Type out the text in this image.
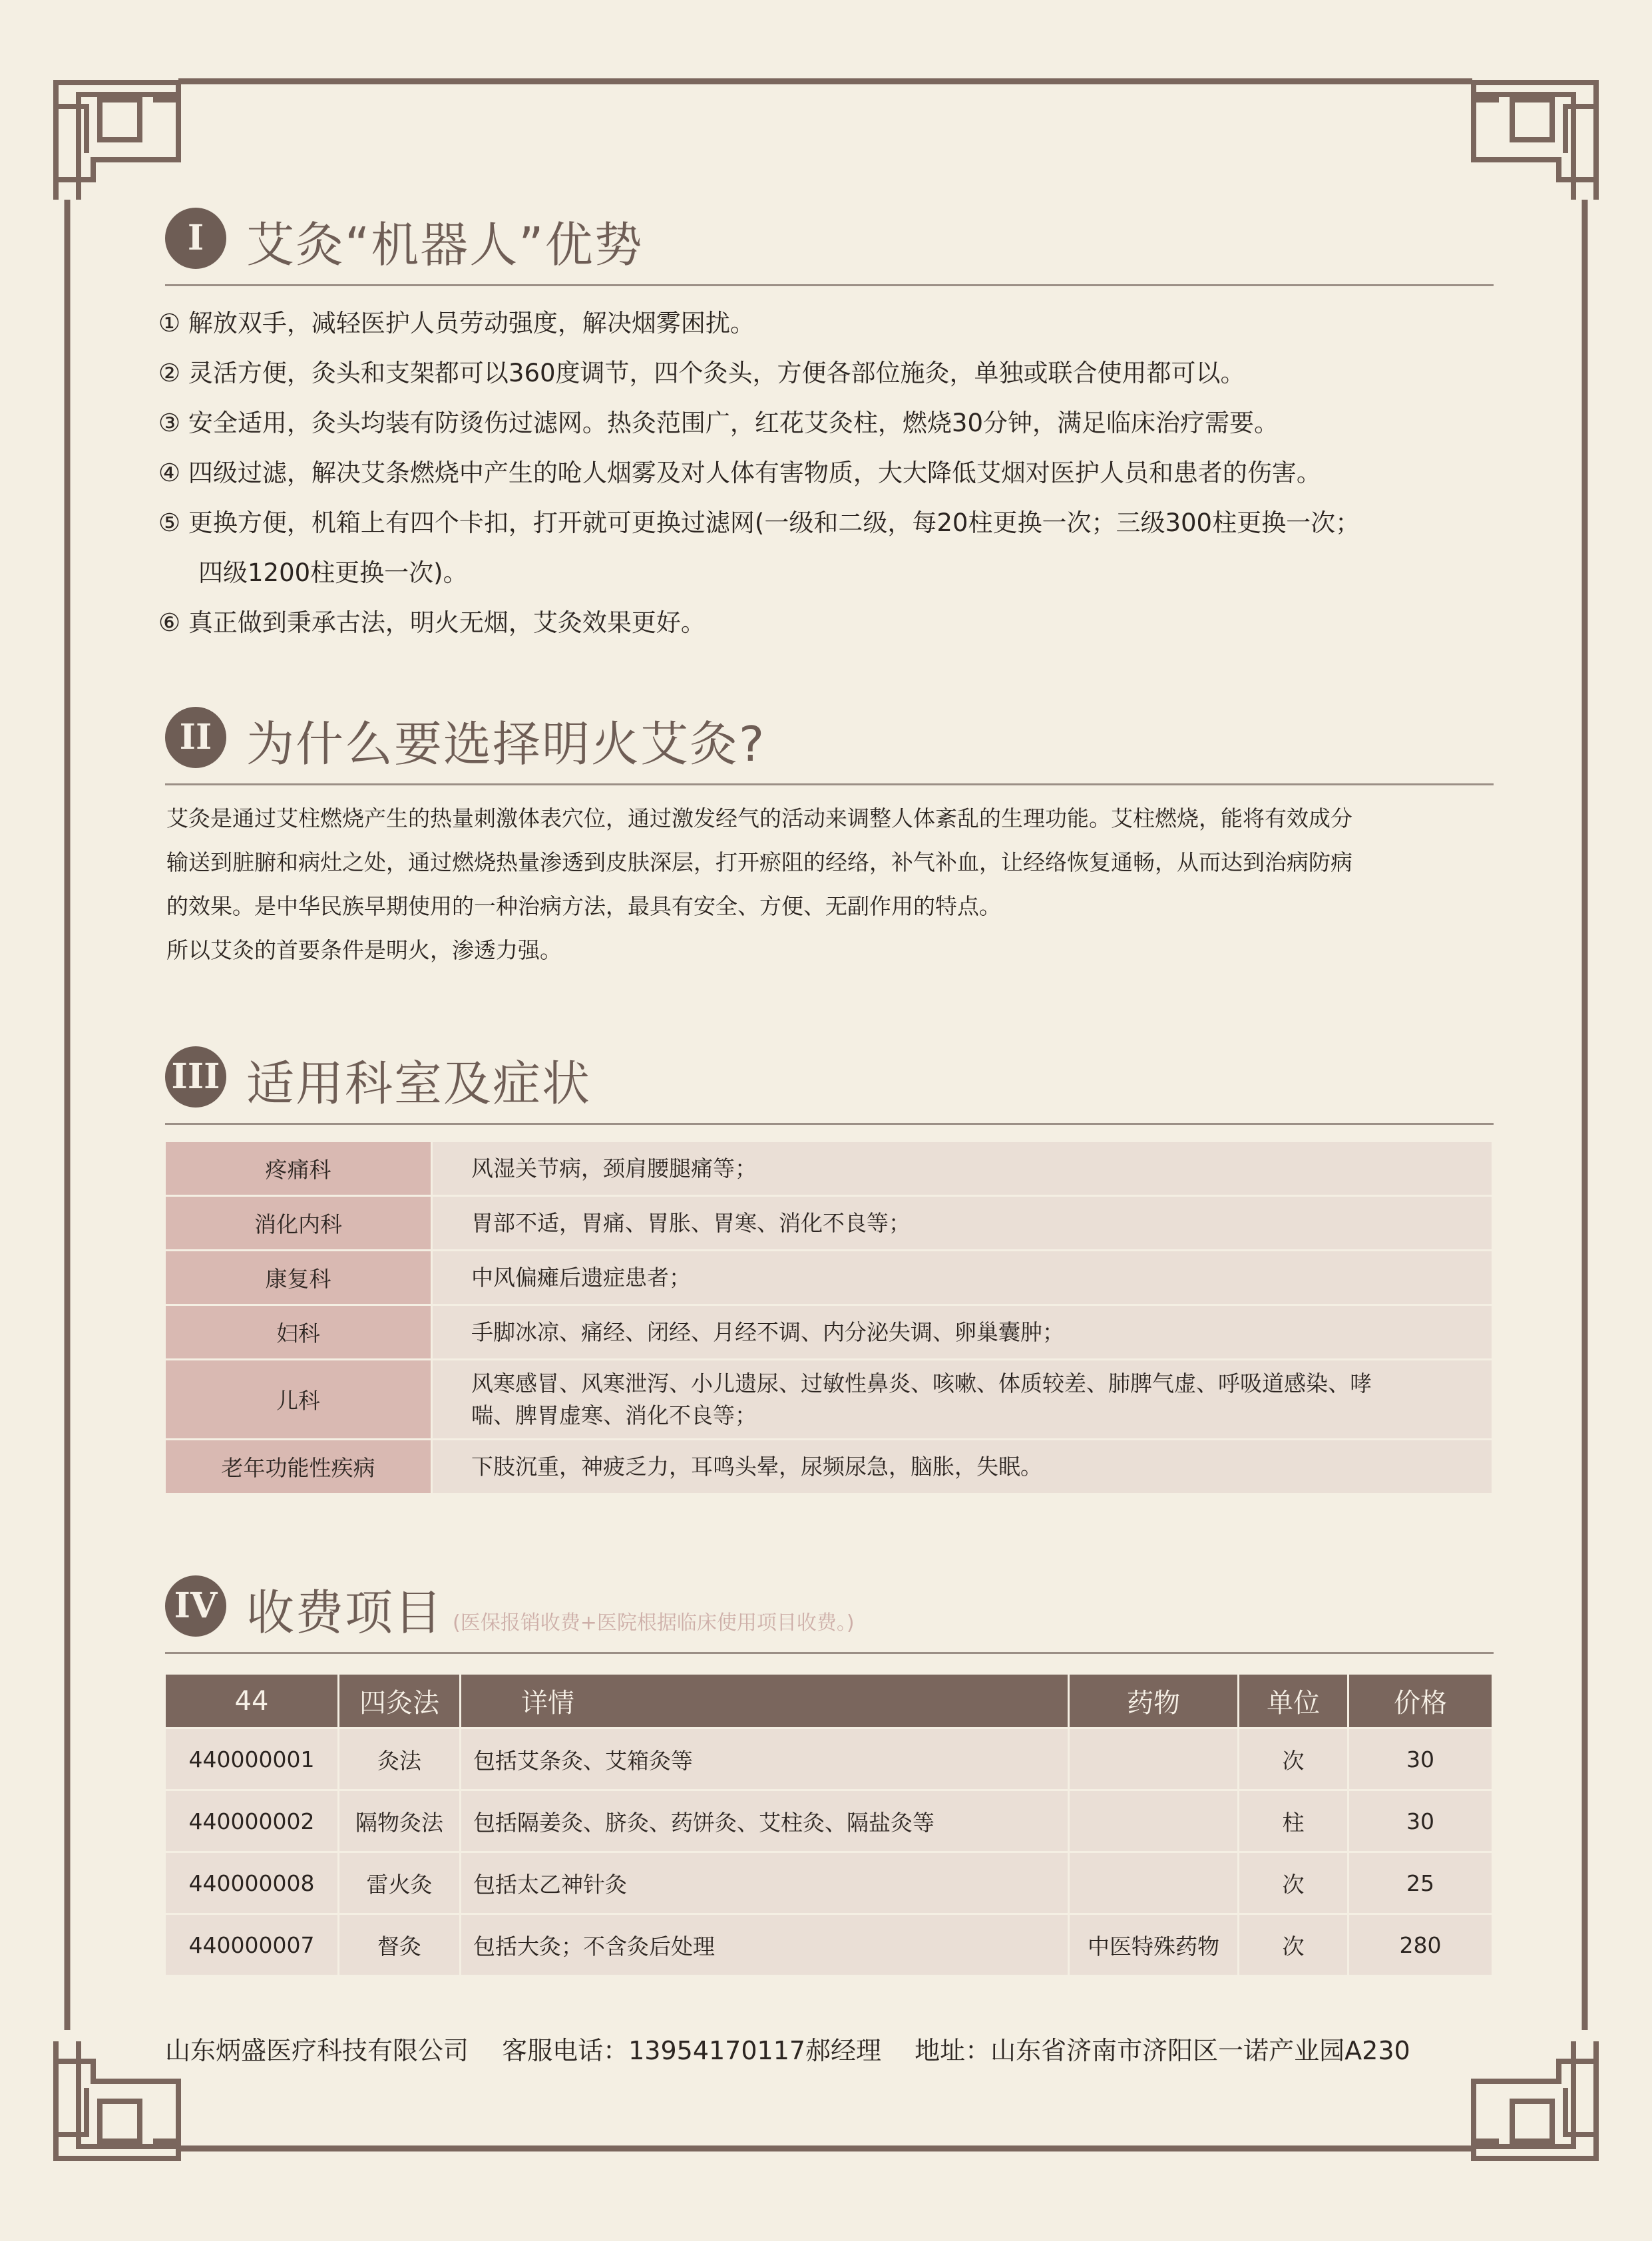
I 艾灸“机器人”优势
① 解放双手，减轻医护人员劳动强度，解决烟雾困扰。
② 灵活方便，灸头和支架都可以360度调节，四个灸头，方便各部位施灸，单独或联合使用都可以。
③ 安全适用，灸头均装有防烫伤过滤网。热灸范围广，红花艾灸柱，燃烧30分钟，满足临床治疗需要。
④ 四级过滤，解决艾条燃烧中产生的呛人烟雾及对人体有害物质，大大降低艾烟对医护人员和患者的伤害。
⑤ 更换方便，机箱上有四个卡扣，打开就可更换过滤网(一级和二级，每20柱更换一次；三级300柱更换一次；
四级1200柱更换一次)。
⑥ 真正做到秉承古法，明火无烟，艾灸效果更好。
II 为什么要选择明火艾灸?

艾灸是通过艾柱燃烧产生的热量刺激体表穴位，通过激发经气的活动来调整人体紊乱的生理功能。艾柱燃烧，能将有效成分

输送到脏腑和病灶之处，通过燃烧热量渗透到皮肤深层，打开瘀阻的经络，补气补血，让经络恢复通畅，从而达到治病防病

的效果。是中华民族早期使用的一种治病方法，最具有安全、方便、无副作用的特点。

所以艾灸的首要条件是明火，渗透力强。

III 适用科室及症状
疼痛科	风湿关节病，颈肩腰腿痛等；
消化内科	胃部不适，胃痛、胃胀、胃寒、消化不良等；
康复科	中风偏瘫后遗症患者；
妇科	手脚冰凉、痛经、闭经、月经不调、内分泌失调、卵巢囊肿；
儿科	风寒感冒、风寒泄泻、小儿遗尿、过敏性鼻炎、咳嗽、体质较差、肺脾气虚、呼吸道感染、哮喘、脾胃虚寒、消化不良等；
老年功能性疾病	下肢沉重，神疲乏力，耳鸣头晕，尿频尿急，脑胀，失眠。
IV 收费项目 (医保报销收费+医院根据临床使用项目收费。)
44	四灸法	详情	药物	单位	价格
440000001	灸法	包括艾条灸、艾箱灸等		次	30
440000002	隔物灸法	包括隔姜灸、脐灸、药饼灸、艾柱灸、隔盐灸等		柱	30
440000008	雷火灸	包括太乙神针灸		次	25
440000007	督灸	包括大灸；不含灸后处理	中医特殊药物	次	280
山东炳盛医疗科技有限公司 客服电话：13954170117郝经理 地址：山东省济南市济阳区一诺产业园A230
